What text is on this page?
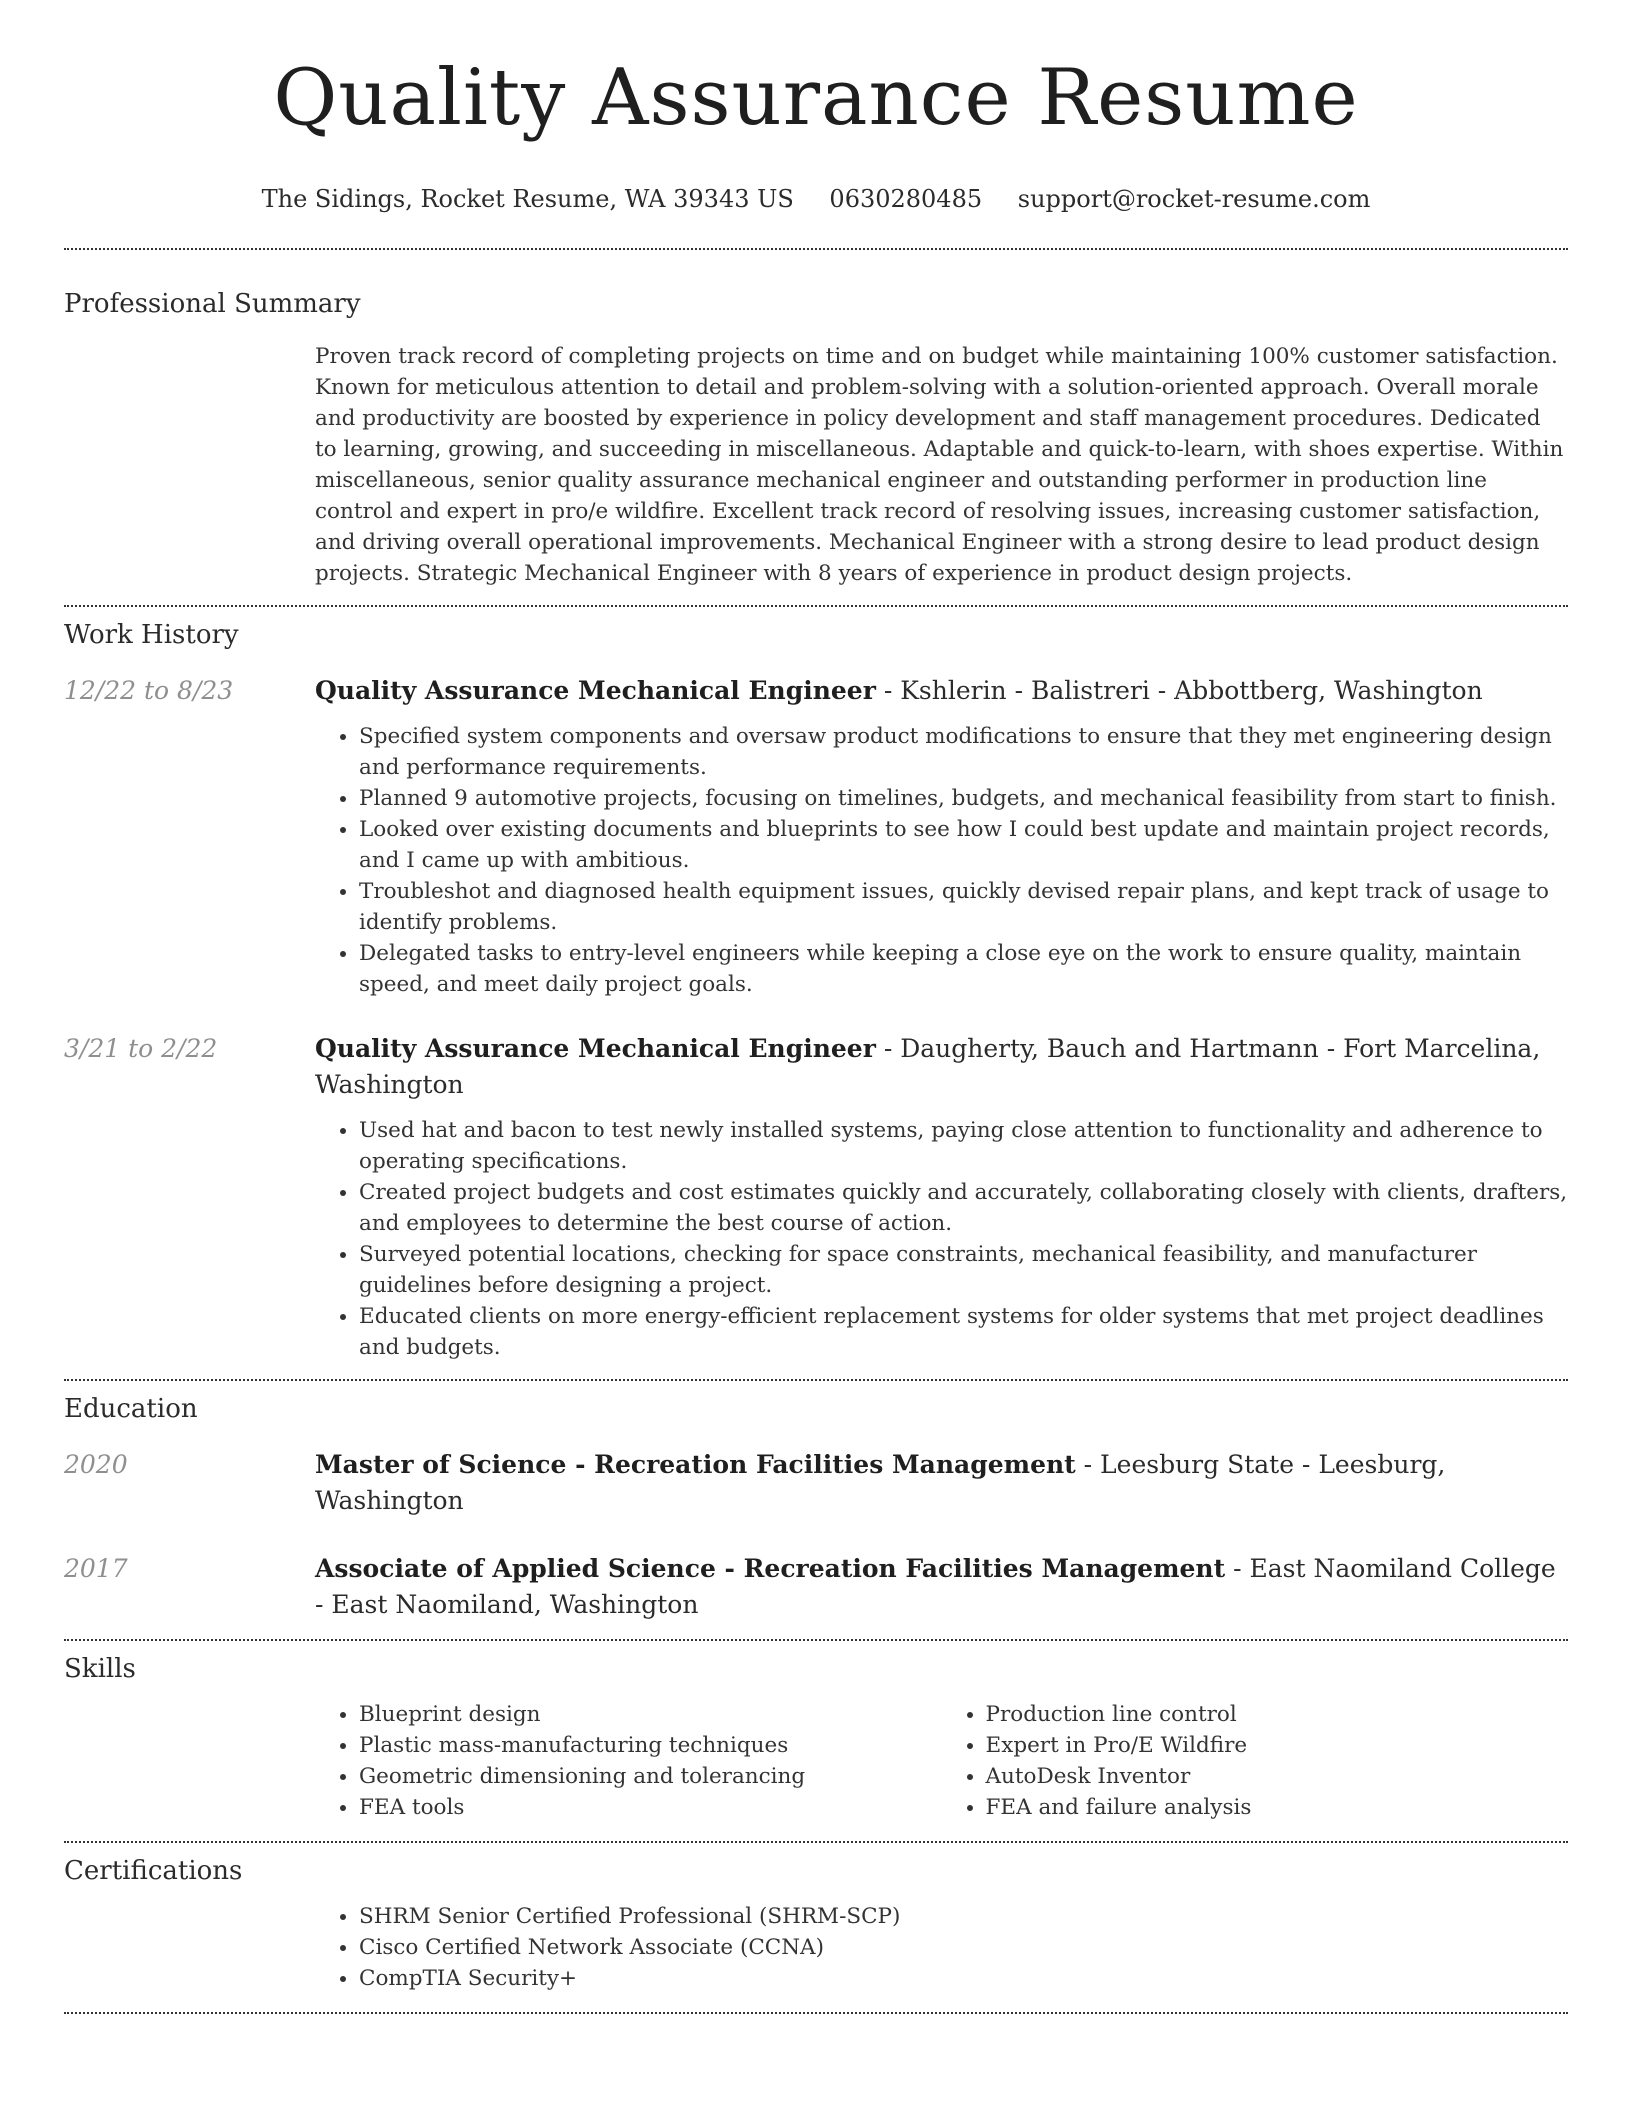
Quality Assurance Resume
The Sidings, Rocket Resume, WA 39343 US 0630280485 support@rocket-resume.com
Professional Summary

Proven track record of completing projects on time and on budget while maintaining 100% customer satisfaction. Known for meticulous attention to detail and problem-solving with a solution-oriented approach. Overall morale and productivity are boosted by experience in policy development and staff management procedures. Dedicated to learning, growing, and succeeding in miscellaneous. Adaptable and quick-to-learn, with shoes expertise. Within miscellaneous, senior quality assurance mechanical engineer and outstanding performer in production line control and expert in pro/e wildfire. Excellent track record of resolving issues, increasing customer satisfaction, and driving overall operational improvements. Mechanical Engineer with a strong desire to lead product design projects. Strategic Mechanical Engineer with 8 years of experience in product design projects.

Work History
12/22 to 8/23	Quality Assurance Mechanical Engineer - Kshlerin - Balistreri - Abbottberg, Washington
• Specified system components and oversaw product modifications to ensure that they met engineering design and performance requirements.
• Planned 9 automotive projects, focusing on timelines, budgets, and mechanical feasibility from start to finish.
• Looked over existing documents and blueprints to see how I could best update and maintain project records, and I came up with ambitious.
• Troubleshot and diagnosed health equipment issues, quickly devised repair plans, and kept track of usage to identify problems.
• Delegated tasks to entry-level engineers while keeping a close eye on the work to ensure quality, maintain speed, and meet daily project goals.
3/21 to 2/22	Quality Assurance Mechanical Engineer - Daugherty, Bauch and Hartmann - Fort Marcelina, Washington
• Used hat and bacon to test newly installed systems, paying close attention to functionality and adherence to operating specifications.
• Created project budgets and cost estimates quickly and accurately, collaborating closely with clients, drafters, and employees to determine the best course of action.
• Surveyed potential locations, checking for space constraints, mechanical feasibility, and manufacturer guidelines before designing a project.
• Educated clients on more energy-efficient replacement systems for older systems that met project deadlines and budgets.
Education
2020	Master of Science - Recreation Facilities Management - Leesburg State - Leesburg, Washington
2017	Associate of Applied Science - Recreation Facilities Management - East Naomiland College - East Naomiland, Washington
Skills
• Blueprint design
• Plastic mass-manufacturing techniques
• Geometric dimensioning and tolerancing
• FEA tools
• Production line control
• Expert in Pro/E Wildfire
• AutoDesk Inventor
• FEA and failure analysis
Certifications
• SHRM Senior Certified Professional (SHRM-SCP)
• Cisco Certified Network Associate (CCNA)
• CompTIA Security+
